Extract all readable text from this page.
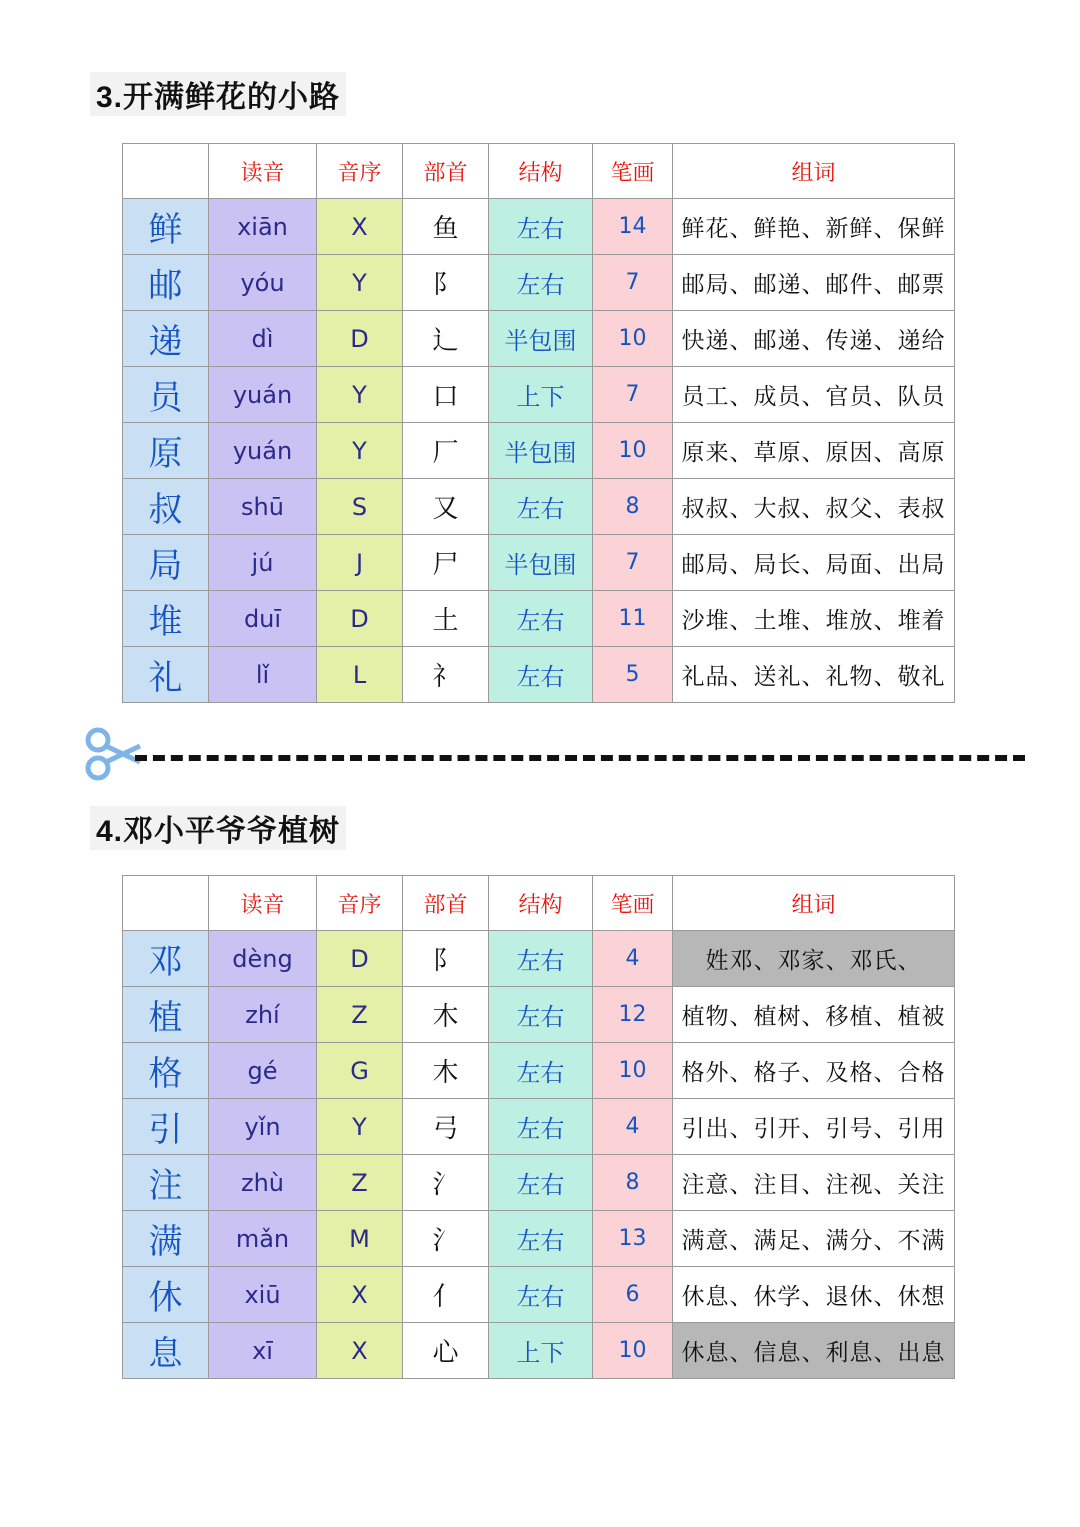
3.开满鲜花的小路
	读音	音序	部首	结构	笔画	组词
鲜	xiān	X	鱼	左右	14	鲜花、鲜艳、新鲜、保鲜
邮	yóu	Y	阝	左右	7	邮局、邮递、邮件、邮票
递	dì	D	辶	半包围	10	快递、邮递、传递、递给
员	yuán	Y	口	上下	7	员工、成员、官员、队员
原	yuán	Y	厂	半包围	10	原来、草原、原因、高原
叔	shū	S	又	左右	8	叔叔、大叔、叔父、表叔
局	jú	J	尸	半包围	7	邮局、局长、局面、出局
堆	duī	D	土	左右	11	沙堆、土堆、堆放、堆着
礼	lǐ	L	礻	左右	5	礼品、送礼、礼物、敬礼
4.邓小平爷爷植树
	读音	音序	部首	结构	笔画	组词
邓	dèng	D	阝	左右	4	姓邓、邓家、邓氏、
植	zhí	Z	木	左右	12	植物、植树、移植、植被
格	gé	G	木	左右	10	格外、格子、及格、合格
引	yǐn	Y	弓	左右	4	引出、引开、引号、引用
注	zhù	Z	氵	左右	8	注意、注目、注视、关注
满	mǎn	M	氵	左右	13	满意、满足、满分、不满
休	xiū	X	亻	左右	6	休息、休学、退休、休想
息	xī	X	心	上下	10	休息、信息、利息、出息
